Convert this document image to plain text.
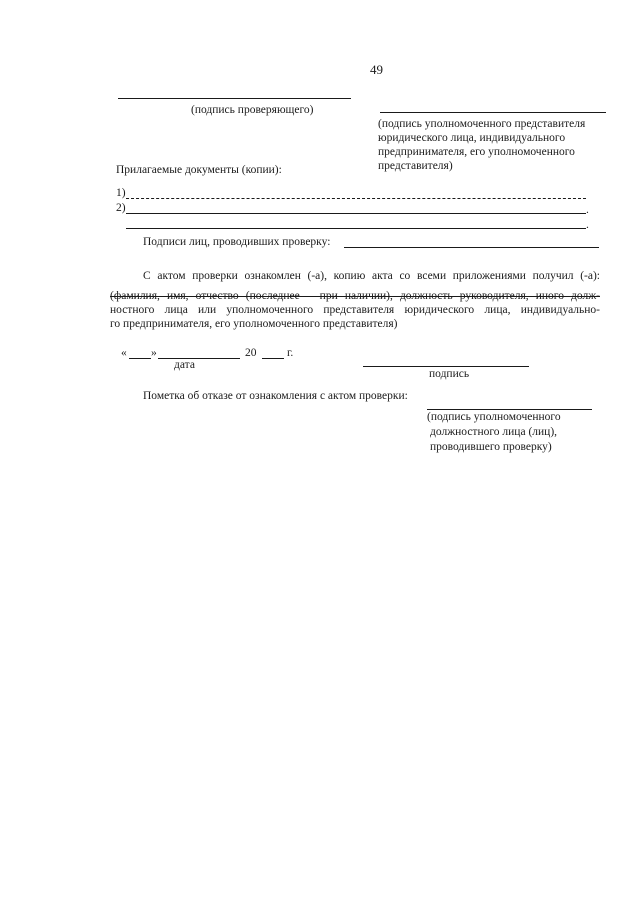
49
(подпись проверяющего)
(подпись уполномоченного представителя
юридического лица, индивидуального
предпринимателя, его уполномоченного
представителя)
Прилагаемые документы (копии):
1)
2)	.
.
Подписи лиц, проводивших проверку:
С актом проверки ознакомлен (-а), копию акта со всеми приложениями получил (-а):
(фамилия, имя, отчество (последнее – при наличии), должность руководителя, иного долж-
ностного лица или уполномоченного представителя юридического лица, индивидуально-
го предпринимателя, его уполномоченного представителя)
« »	20	г.
дата
подпись
Пометка об отказе от ознакомления с актом проверки:
(подпись уполномоченного
должностного лица (лиц),
проводившего проверку)
